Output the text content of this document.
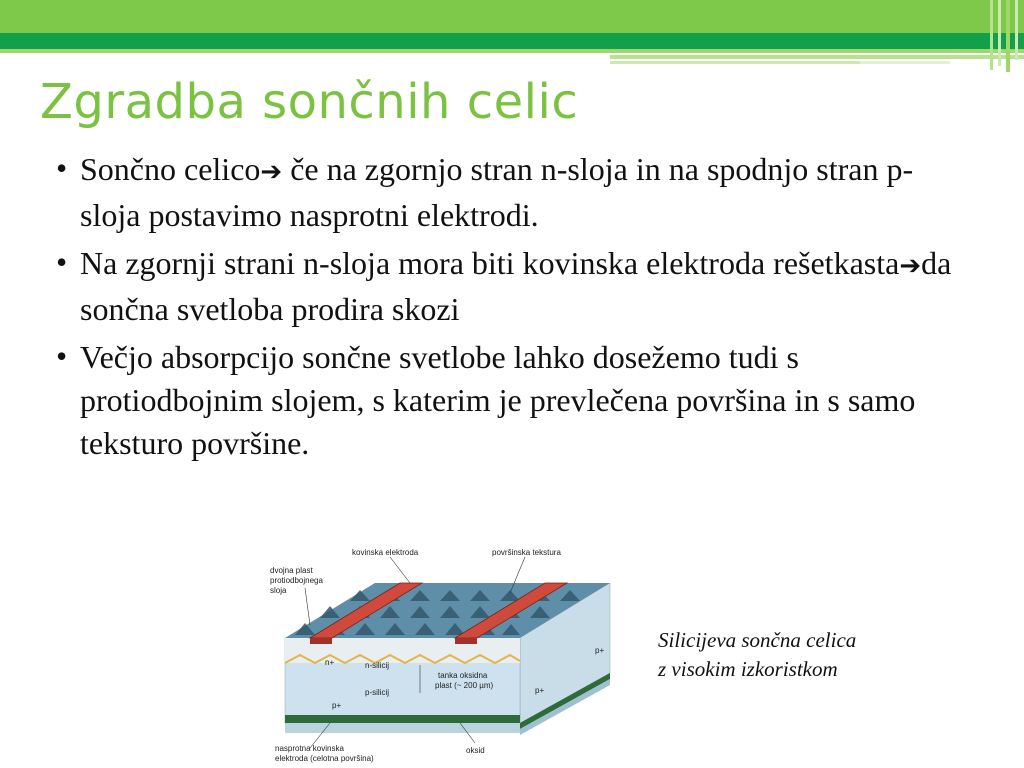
Zgradba sončnih celic
• Sončno celico➔ če na zgornjo stran n-sloja in na spodnjo stran p-sloja postavimo nasprotni elektrodi.
• Na zgornji strani n-sloja mora biti kovinska elektroda rešetkasta➔da sončna svetloba prodira skozi
• Večjo absorpcijo sončne svetlobe lahko dosežemo tudi s protiodbojnim slojem, s katerim je prevlečena površina in s samo teksturo površine.
kovinska elektroda	površinska tekstura
dvojna plast
protiodbojnega
sloja
n+	n-silicij
tanka oksidna
plast (~ 200 µm)
p-silicij
p+
p+
p+
nasprotna kovinska
elektroda (celotna površina)
oksid
Silicijeva sončna celica
z visokim izkoristkom
